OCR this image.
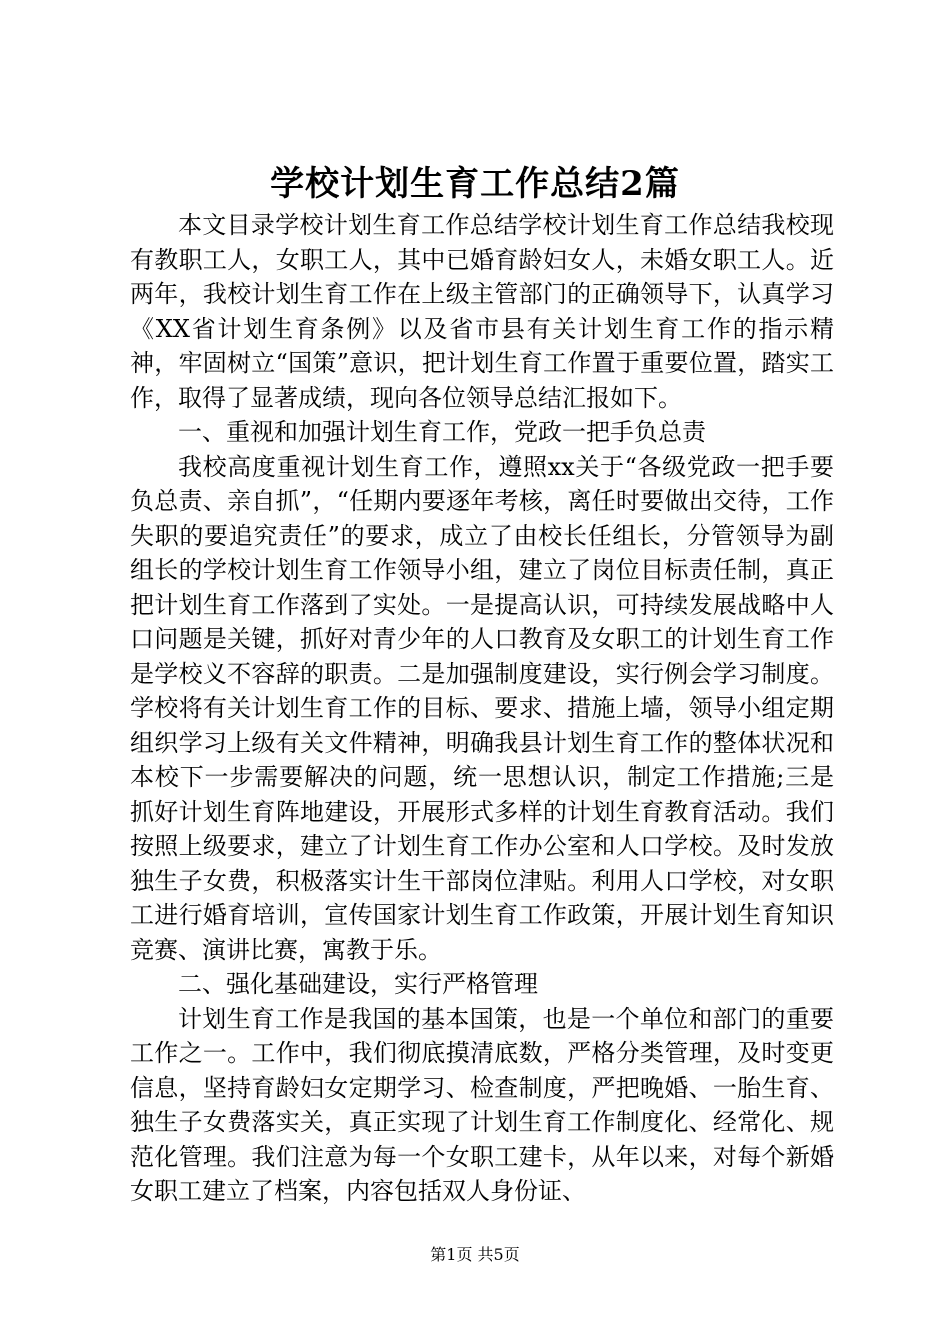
学校计划生育工作总结2篇

本文目录学校计划生育工作总结学校计划生育工作总结我校现有教职工人，女职工人，其中已婚育龄妇女人，未婚女职工人。近两年，我校计划生育工作在上级主管部门的正确领导下，认真学习《XX省计划生育条例》以及省市县有关计划生育工作的指示精神，牢固树立“国策”意识，把计划生育工作置于重要位置，踏实工作，取得了显著成绩，现向各位领导总结汇报如下。

一、重视和加强计划生育工作，党政一把手负总责

我校高度重视计划生育工作，遵照xx关于“各级党政一把手要负总责、亲自抓”，“任期内要逐年考核，离任时要做出交待，工作失职的要追究责任”的要求，成立了由校长任组长，分管领导为副组长的学校计划生育工作领导小组，建立了岗位目标责任制，真正把计划生育工作落到了实处。一是提高认识，可持续发展战略中人口问题是关键，抓好对青少年的人口教育及女职工的计划生育工作是学校义不容辞的职责。二是加强制度建设，实行例会学习制度。学校将有关计划生育工作的目标、要求、措施上墙，领导小组定期组织学习上级有关文件精神，明确我县计划生育工作的整体状况和本校下一步需要解决的问题，统一思想认识，制定工作措施;三是抓好计划生育阵地建设，开展形式多样的计划生育教育活动。我们按照上级要求，建立了计划生育工作办公室和人口学校。及时发放独生子女费，积极落实计生干部岗位津贴。利用人口学校，对女职工进行婚育培训，宣传国家计划生育工作政策，开展计划生育知识竞赛、演讲比赛，寓教于乐。

二、强化基础建设，实行严格管理

计划生育工作是我国的基本国策，也是一个单位和部门的重要工作之一。工作中，我们彻底摸清底数，严格分类管理，及时变更信息，坚持育龄妇女定期学习、检查制度，严把晚婚、一胎生育、独生子女费落实关，真正实现了计划生育工作制度化、经常化、规范化管理。我们注意为每一个女职工建卡，从年以来，对每个新婚女职工建立了档案，内容包括双人身份证、

第1页 共5页
